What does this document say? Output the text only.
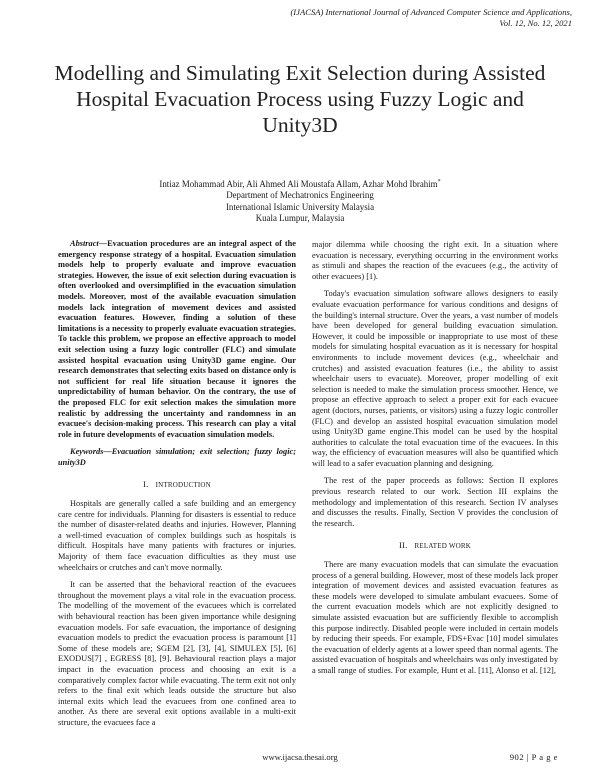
(IJACSA) International Journal of Advanced Computer Science and Applications,
Vol. 12, No. 12, 2021
Modelling and Simulating Exit Selection during Assisted Hospital Evacuation Process using Fuzzy Logic and Unity3D
Intiaz Mohammad Abir, Ali Ahmed Ali Moustafa Allam, Azhar Mohd Ibrahim*
Department of Mechatronics Engineering
International Islamic University Malaysia
Kuala Lumpur, Malaysia

Abstract—Evacuation procedures are an integral aspect of the emergency response strategy of a hospital. Evacuation simulation models help to properly evaluate and improve evacuation strategies. However, the issue of exit selection during evacuation is often overlooked and oversimplified in the evacuation simulation models. Moreover, most of the available evacuation simulation models lack integration of movement devices and assisted evacuation features. However, finding a solution of these limitations is a necessity to properly evaluate evacuation strategies. To tackle this problem, we propose an effective approach to model exit selection using a fuzzy logic controller (FLC) and simulate assisted hospital evacuation using Unity3D game engine. Our research demonstrates that selecting exits based on distance only is not sufficient for real life situation because it ignores the unpredictability of human behavior. On the contrary, the use of the proposed FLC for exit selection makes the simulation more realistic by addressing the uncertainty and randomness in an evacuee's decision-making process. This research can play a vital role in future developments of evacuation simulation models.

Keywords—Evacuation simulation; exit selection; fuzzy logic; unity3D

I. INTRODUCTION

Hospitals are generally called a safe building and an emergency care centre for individuals. Planning for disasters is essential to reduce the number of disaster-related deaths and injuries. However, Planning a well-timed evacuation of complex buildings such as hospitals is difficult. Hospitals have many patients with fractures or injuries. Majority of them face evacuation difficulties as they must use wheelchairs or crutches and can't move normally.

It can be asserted that the behavioral reaction of the evacuees throughout the movement plays a vital role in the evacuation process. The modelling of the movement of the evacuees which is correlated with behavioural reaction has been given importance while designing evacuation models. For safe evacuation, the importance of designing evacuation models to predict the evacuation process is paramount [1] Some of these models are; SGEM [2], [3], [4], SIMULEX [5], [6] EXODUS[7] , EGRESS [8], [9]. Behavioural reaction plays a major impact in the evacuation process and choosing an exit is a comparatively complex factor while evacuating. The term exit not only refers to the final exit which leads outside the structure but also internal exits which lead the evacuees from one confined area to another. As there are several exit options available in a multi-exit structure, the evacuees face a

major dilemma while choosing the right exit. In a situation where evacuation is necessary, everything occurring in the environment works as stimuli and shapes the reaction of the evacuees (e.g., the activity of other evacuees) [1).

Today's evacuation simulation software allows designers to easily evaluate evacuation performance for various conditions and designs of the building's internal structure. Over the years, a vast number of models have been developed for general building evacuation simulation. However, it could be impossible or inappropriate to use most of these models for simulating hospital evacuation as it is necessary for hospital environments to include movement devices (e.g., wheelchair and crutches) and assisted evacuation features (i.e., the ability to assist wheelchair users to evacuate). Moreover, proper modelling of exit selection is needed to make the simulation process smoother. Hence, we propose an effective approach to select a proper exit for each evacuee agent (doctors, nurses, patients, or visitors) using a fuzzy logic controller (FLC) and develop an assisted hospital evacuation simulation model using Unity3D game engine.This model can be used by the hospital authorities to calculate the total evacuation time of the evacuees. In this way, the efficiency of evacuation measures will also be quantified which will lead to a safer evacuation planning and designing.

The rest of the paper proceeds as follows: Section II explores previous research related to our work. Section III explains the methodology and implementation of this research. Section IV analyses and discusses the results. Finally, Section V provides the conclusion of the research.

II. RELATED WORK

There are many evacuation models that can simulate the evacuation process of a general building. However, most of these models lack proper integration of movement devices and assisted evacuation features as these models were developed to simulate ambulant evacuees. Some of the current evacuation models which are not explicitly designed to simulate assisted evacuation but are sufficiently flexible to accomplish this purpose indirectly. Disabled people were included in certain models by reducing their speeds. For example, FDS+Evac [10] model simulates the evacuation of elderly agents at a lower speed than normal agents. The assisted evacuation of hospitals and wheelchairs was only investigated by a small range of studies. For example, Hunt et al. [11], Alonso et al. [12],

www.ijacsa.thesai.org	902 | P a g e
